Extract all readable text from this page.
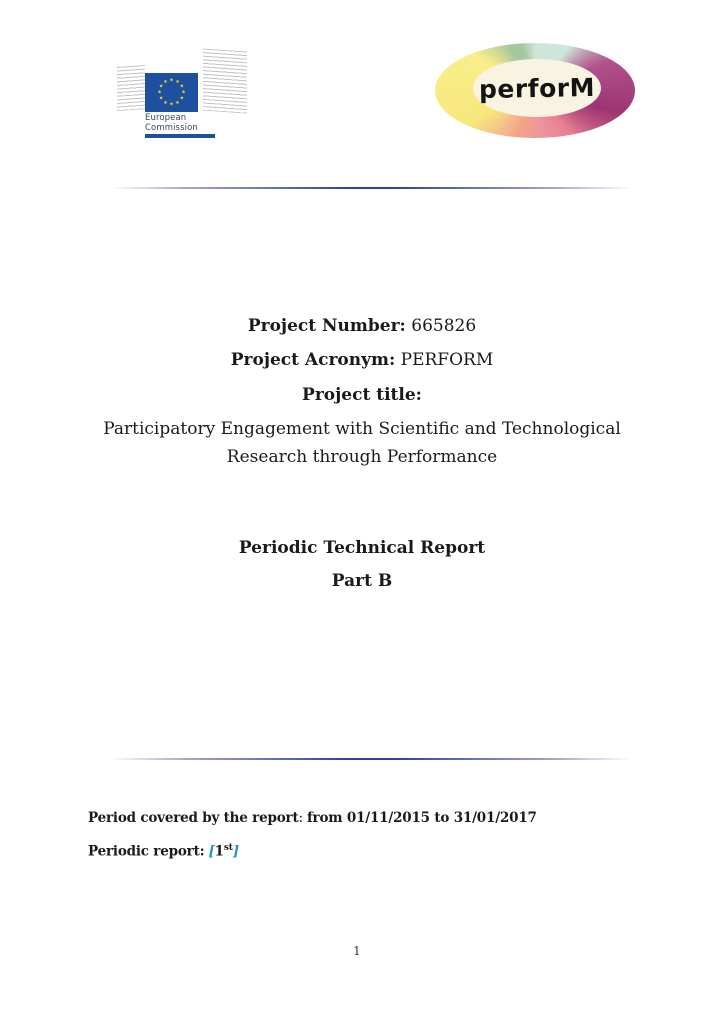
★ ★
★
★
★
★
★
★
★
★
★
★
European
Commission
perforM
Project Number: 665826
Project Acronym: PERFORM
Project title:
Participatory Engagement with Scientific and Technological
Research through Performance
Periodic Technical Report
Part B
Period covered by the report: from 01/11/2015 to 31/01/2017
Periodic report: [1st]
1
